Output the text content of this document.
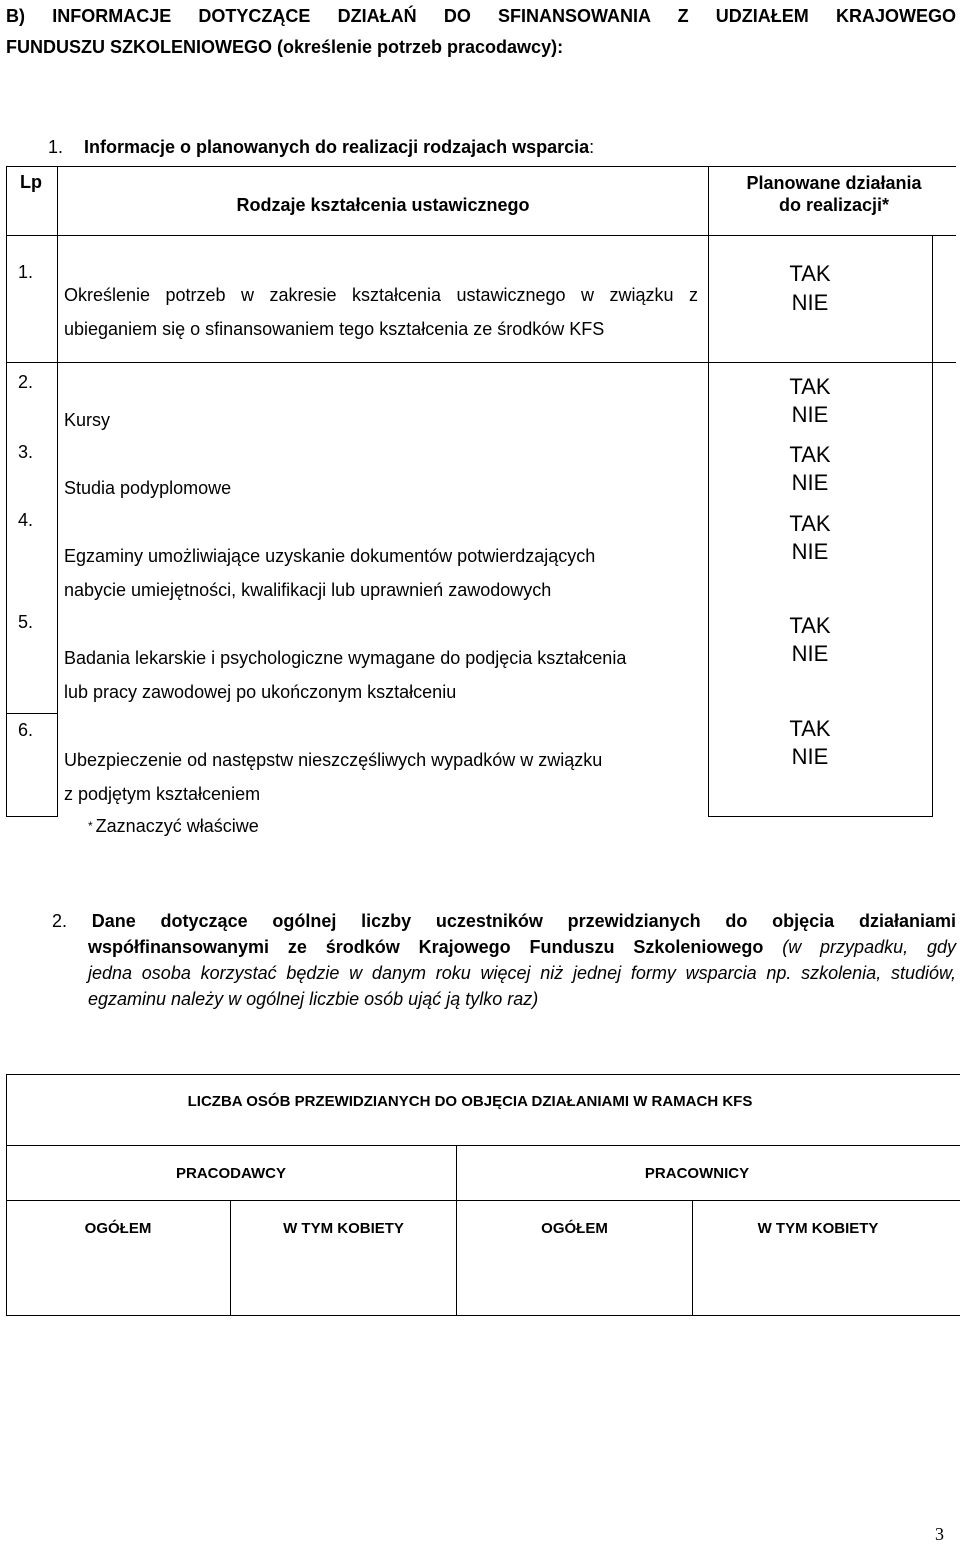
B) INFORMACJE DOTYCZĄCE DZIAŁAŃ DO SFINANSOWANIA Z UDZIAŁEM KRAJOWEGO
FUNDUSZU SZKOLENIOWEGO (określenie potrzeb pracodawcy):
1. Informacje o planowanych do realizacji rodzajach wsparcia:
Lp
Rodzaje kształcenia ustawicznego
Planowane działania
do realizacji*
1.
Określenie potrzeb w zakresie kształcenia ustawicznego w związku z
ubieganiem się o sfinansowaniem tego kształcenia ze środków KFS
TAK
NIE
2.
Kursy
TAK
NIE
3.
Studia podyplomowe
TAK
NIE
4.
Egzaminy umożliwiające uzyskanie dokumentów potwierdzających
nabycie umiejętności, kwalifikacji lub uprawnień zawodowych
TAK
NIE
5.
Badania lekarskie i psychologiczne wymagane do podjęcia kształcenia
lub pracy zawodowej po ukończonym kształceniu
TAK
NIE
6.
Ubezpieczenie od następstw nieszczęśliwych wypadków w związku
z podjętym kształceniem
TAK
NIE
* Zaznaczyć właściwe
2. Dane dotyczące ogólnej liczby uczestników przewidzianych do objęcia działaniami
współfinansowanymi ze środków Krajowego Funduszu Szkoleniowego (w przypadku, gdy
jedna osoba korzystać będzie w danym roku więcej niż jednej formy wsparcia np. szkolenia, studiów,
egzaminu należy w ogólnej liczbie osób ująć ją tylko raz)
LICZBA OSÓB PRZEWIDZIANYCH DO OBJĘCIA DZIAŁANIAMI W RAMACH KFS
PRACODAWCY	PRACOWNICY
OGÓŁEM	W TYM KOBIETY	OGÓŁEM	W TYM KOBIETY
3
